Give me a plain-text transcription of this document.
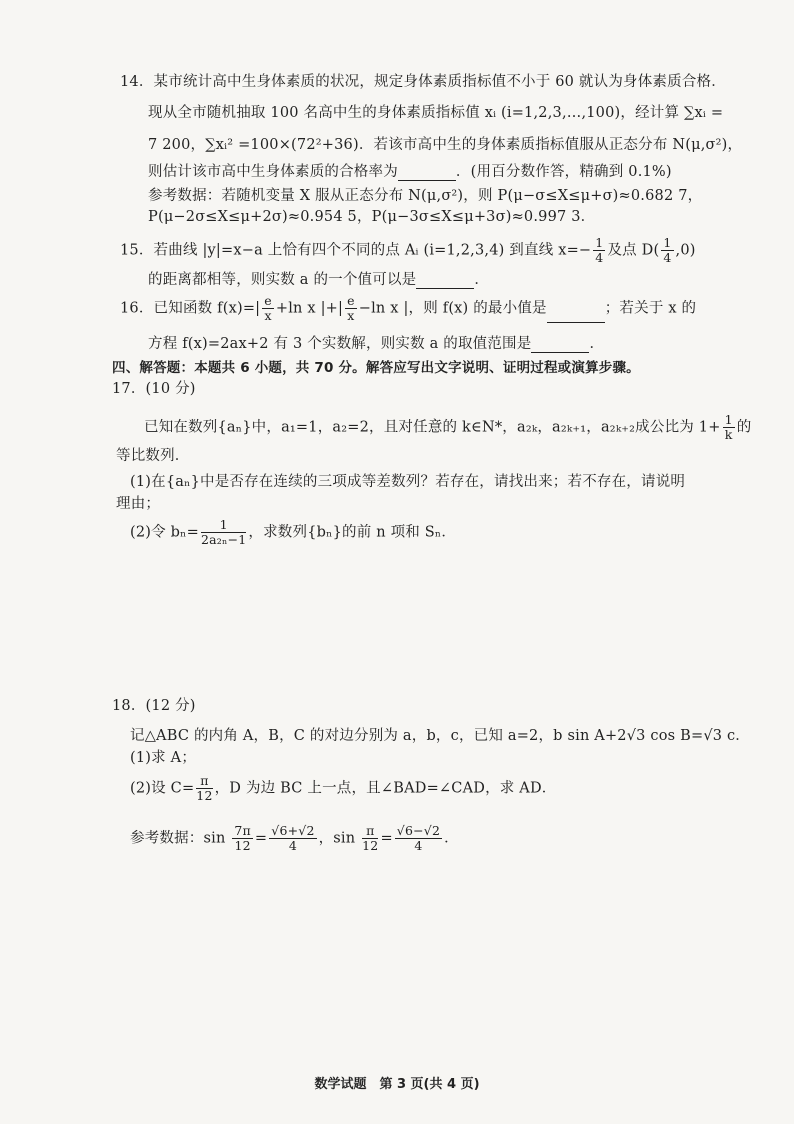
14．某市统计高中生身体素质的状况，规定身体素质指标值不小于 60 就认为身体素质合格．
现从全市随机抽取 100 名高中生的身体素质指标值 xᵢ (i=1,2,3,…,100)，经计算 ∑xᵢ =
7 200，∑xᵢ² =100×(72²+36)．若该市高中生的身体素质指标值服从正态分布 N(μ,σ²)，
则估计该市高中生身体素质的合格率为	．(用百分数作答，精确到 0.1%)
参考数据：若随机变量 X 服从正态分布 N(μ,σ²)，则 P(μ−σ≤X≤μ+σ)≈0.682 7，
P(μ−2σ≤X≤μ+2σ)≈0.954 5，P(μ−3σ≤X≤μ+3σ)≈0.997 3．
15．若曲线 |y|=x−a 上恰有四个不同的点 Aᵢ (i=1,2,3,4) 到直线 $x=- \frac{1}{4}$ 及点 $D( \frac{1}{4} ,0)$
的距离都相等，则实数 a 的一个值可以是	．
16．已知函数 $f(x)=| \frac{e}{x} +\ln$ x |+| $\frac{e}{x} -\ln$ x |，则 f(x) 的最小值是	；若关于 x 的
方程 f(x)=2ax+2 有 3 个实数解，则实数 a 的取值范围是	．
四、解答题：本题共 6 小题，共 70 分。解答应写出文字说明、证明过程或演算步骤。
17．(10 分)
已知在数列{aₙ}中，a₁=1，a₂=2，且对任意的 k∈N*，a₂ₖ，a₂ₖ₊₁，a₂ₖ₊₂成公比为 $1+ \frac{1}{k}$ 的
等比数列．
(1)在{aₙ}中是否存在连续的三项成等差数列？若存在，请找出来；若不存在，请说明
理由；
(2)令 $b_n= \frac{1}{\text{2a₂ₙ−1}}$ ，求数列{bₙ}的前 n 项和 Sₙ．
18．(12 分)
记△ABC 的内角 A，B，C 的对边分别为 a，b，c，已知 a=2，b sin A+2√3 cos B=√3 c．
(1)求 A；
(2)设 $C= \frac{\pi}{12}$ ，D 为边 BC 上一点，且∠BAD=∠CAD，求 AD．
参考数据：$\sin \frac{7\pi}{12} = \frac{√6+√2}{4}$ ，$\sin \frac{\pi}{12} = \frac{√6-√2}{4}$ ．
数学试题　第 3 页(共 4 页)
